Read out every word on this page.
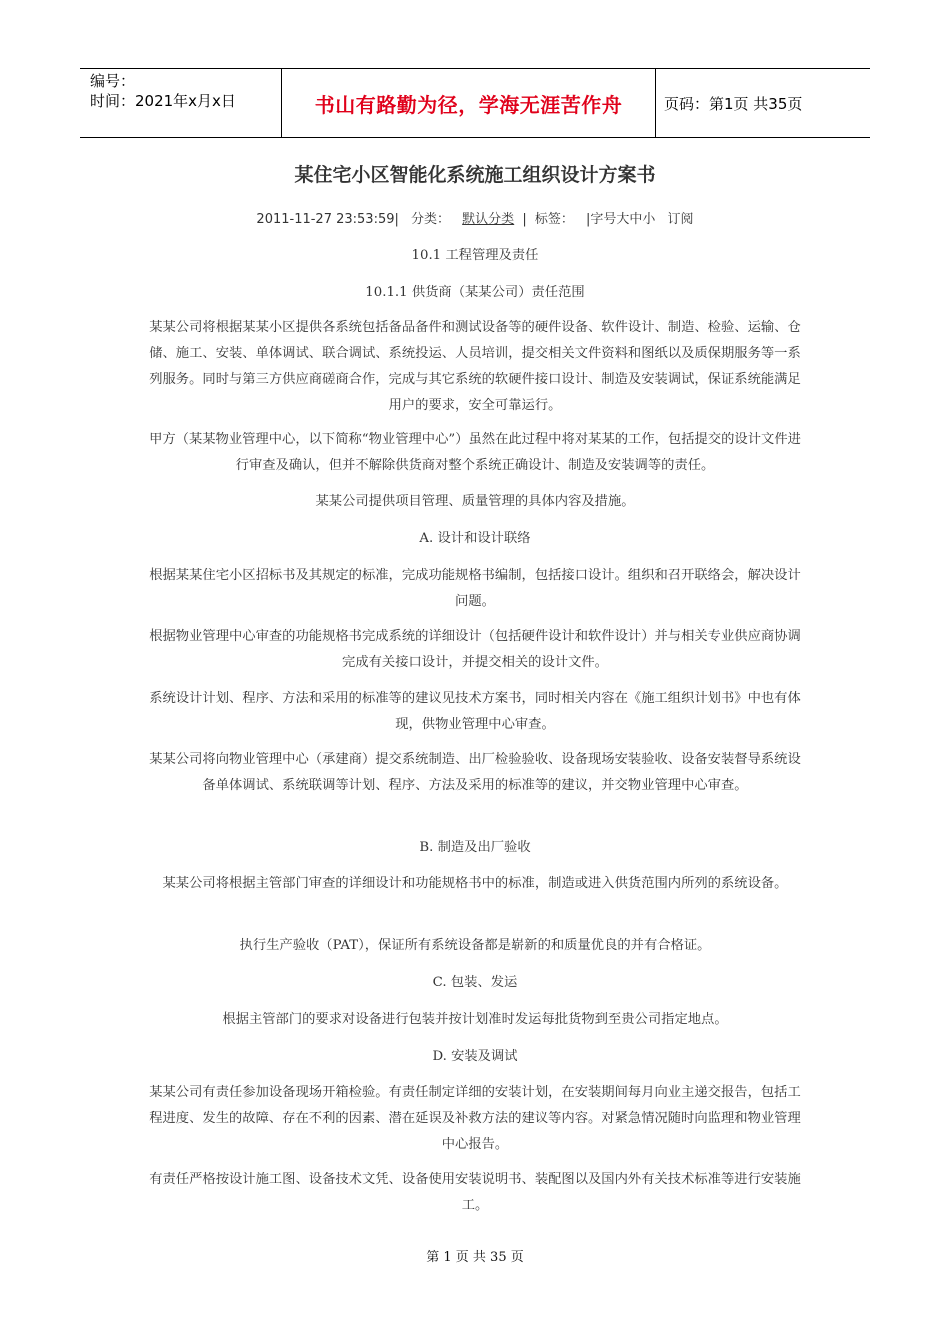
编号：
时间：2021年x月x日	书山有路勤为径，学海无涯苦作舟	页码：第1页 共35页
某住宅小区智能化系统施工组织设计方案书
2011-11-27 23:53:59| 分类： 默认分类 | 标签： |字号大中小 订阅
10.1 工程管理及责任
10.1.1 供货商（某某公司）责任范围
某某公司将根据某某小区提供各系统包括备品备件和测试设备等的硬件设备、软件设计、制造、检验、运输、仓储、施工、安装、单体调试、联合调试、系统投运、人员培训，提交相关文件资料和图纸以及质保期服务等一系列服务。同时与第三方供应商磋商合作，完成与其它系统的软硬件接口设计、制造及安装调试，保证系统能满足用户的要求，安全可靠运行。
甲方（某某物业管理中心，以下简称“物业管理中心”）虽然在此过程中将对某某的工作，包括提交的设计文件进行审查及确认，但并不解除供货商对整个系统正确设计、制造及安装调等的责任。
某某公司提供项目管理、质量管理的具体内容及措施。
A. 设计和设计联络
根据某某住宅小区招标书及其规定的标准，完成功能规格书编制，包括接口设计。组织和召开联络会，解决设计问题。
根据物业管理中心审查的功能规格书完成系统的详细设计（包括硬件设计和软件设计）并与相关专业供应商协调完成有关接口设计，并提交相关的设计文件。
系统设计计划、程序、方法和采用的标准等的建议见技术方案书，同时相关内容在《施工组织计划书》中也有体现，供物业管理中心审查。
某某公司将向物业管理中心（承建商）提交系统制造、出厂检验验收、设备现场安装验收、设备安装督导系统设备单体调试、系统联调等计划、程序、方法及采用的标准等的建议，并交物业管理中心审查。
B. 制造及出厂验收
某某公司将根据主管部门审查的详细设计和功能规格书中的标准，制造或进入供货范围内所列的系统设备。
执行生产验收（PAT），保证所有系统设备都是崭新的和质量优良的并有合格证。
C. 包装、发运
根据主管部门的要求对设备进行包装并按计划准时发运每批货物到至贵公司指定地点。
D. 安装及调试
某某公司有责任参加设备现场开箱检验。有责任制定详细的安装计划，在安装期间每月向业主递交报告，包括工程进度、发生的故障、存在不利的因素、潜在延误及补救方法的建议等内容。对紧急情况随时向监理和物业管理中心报告。
有责任严格按设计施工图、设备技术文凭、设备使用安装说明书、装配图以及国内外有关技术标准等进行安装施工。
第 1 页 共 35 页
